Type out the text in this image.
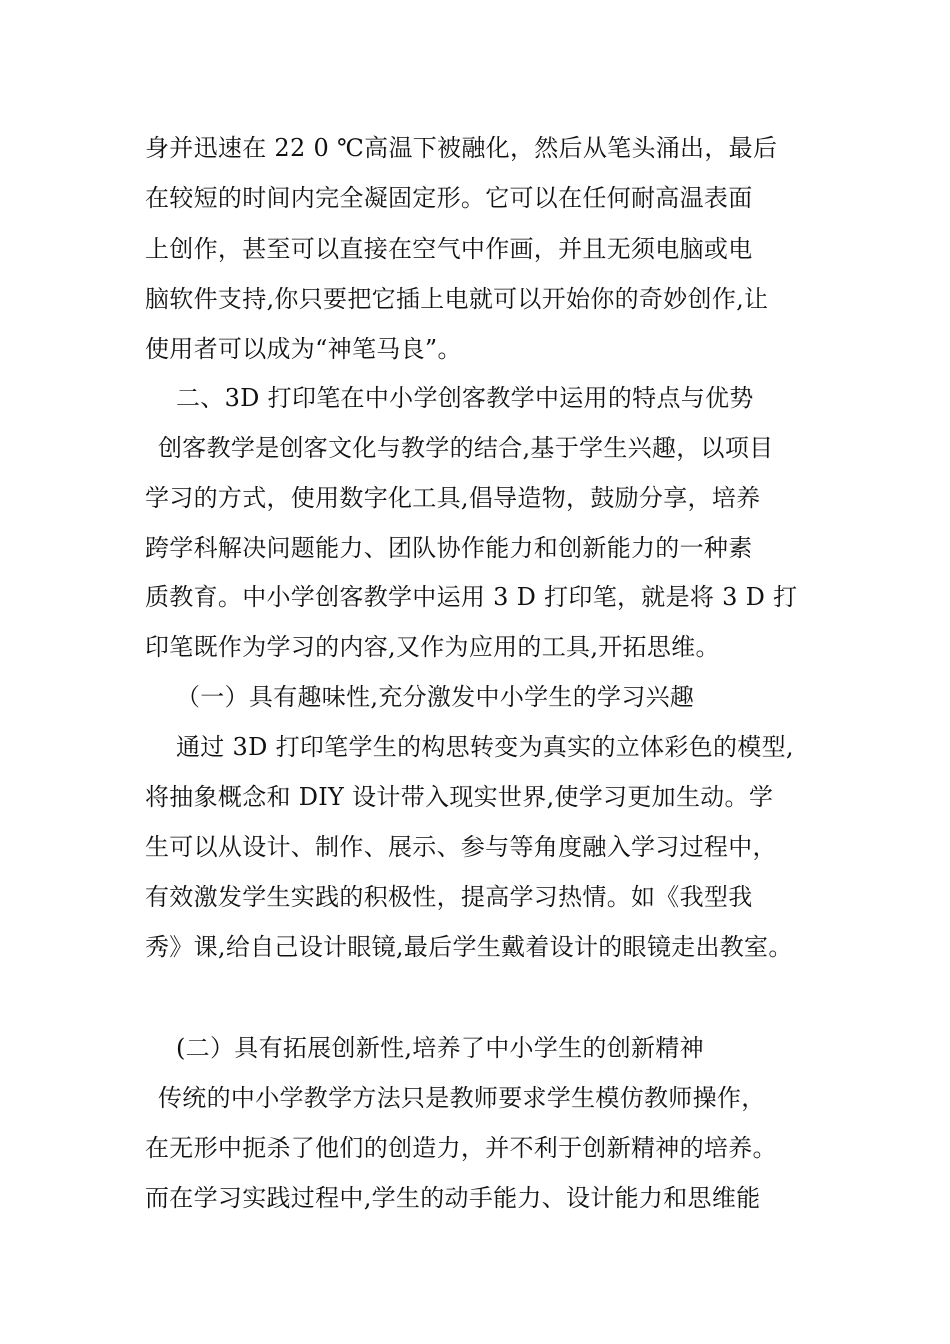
身并迅速在 22 0 ℃高温下被融化，然后从笔头涌出，最后
在较短的时间内完全凝固定形。它可以在任何耐高温表面
上创作，甚至可以直接在空气中作画，并且无须电脑或电
脑软件支持,你只要把它插上电就可以开始你的奇妙创作,让
使用者可以成为“神笔马良”。
二、3D 打印笔在中小学创客教学中运用的特点与优势
创客教学是创客文化与教学的结合,基于学生兴趣，以项目
学习的方式，使用数字化工具,倡导造物，鼓励分享，培养
跨学科解决问题能力、团队协作能力和创新能力的一种素
质教育。中小学创客教学中运用 3 D 打印笔，就是将 3 D 打
印笔既作为学习的内容,又作为应用的工具,开拓思维。
（一）具有趣味性,充分激发中小学生的学习兴趣
通过 3D 打印笔学生的构思转变为真实的立体彩色的模型,
将抽象概念和 DIY 设计带入现实世界,使学习更加生动。学
生可以从设计、制作、展示、参与等角度融入学习过程中，
有效激发学生实践的积极性，提高学习热情。如《我型我
秀》课,给自己设计眼镜,最后学生戴着设计的眼镜走出教室。
(二）具有拓展创新性,培养了中小学生的创新精神
传统的中小学教学方法只是教师要求学生模仿教师操作，
在无形中扼杀了他们的创造力，并不利于创新精神的培养。
而在学习实践过程中,学生的动手能力、设计能力和思维能
